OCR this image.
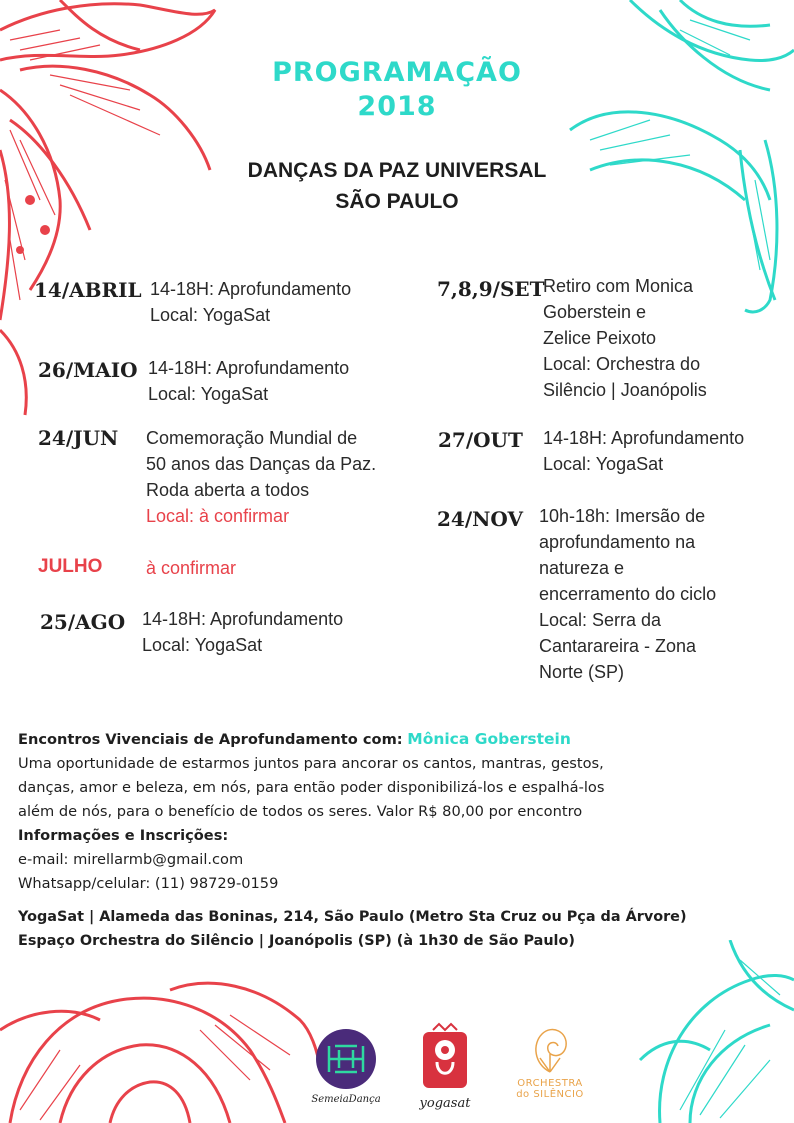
PROGRAMAÇÃO
2018
DANÇAS DA PAZ UNIVERSAL
SÃO PAULO
14/ABRIL 14-18H: Aprofundamento
Local: YogaSat
26/MAIO 14-18H: Aprofundamento
Local: YogaSat
24/JUN Comemoração Mundial de
50 anos das Danças da Paz.
Roda aberta a todos
Local: à confirmar
JULHO à confirmar
25/AGO 14-18H: Aprofundamento
Local: YogaSat
7,8,9/SET
Retiro com Monica
Goberstein e
Zelice Peixoto
Local: Orchestra do
Silêncio | Joanópolis
27/OUT 14-18H: Aprofundamento
Local: YogaSat
24/NOV 10h-18h: Imersão de
aprofundamento na
natureza e
encerramento do ciclo
Local: Serra da
Cantarareira - Zona
Norte (SP)
Encontros Vivenciais de Aprofundamento com: Mônica Goberstein
Uma oportunidade de estarmos juntos para ancorar os cantos, mantras, gestos,
danças, amor e beleza, em nós, para então poder disponibilizá-los e espalhá-los
além de nós, para o benefício de todos os seres. Valor R$ 80,00 por encontro
Informações e Inscrições:
e-mail: mirellarmb@gmail.com
Whatsapp/celular: (11) 98729-0159
YogaSat | Alameda das Boninas, 214, São Paulo (Metro Sta Cruz ou Pça da Árvore)
Espaço Orchestra do Silêncio | Joanópolis (SP) (à 1h30 de São Paulo)
SemeiaDança	yogasat
ORCHESTRA
do SILÊNCIO
